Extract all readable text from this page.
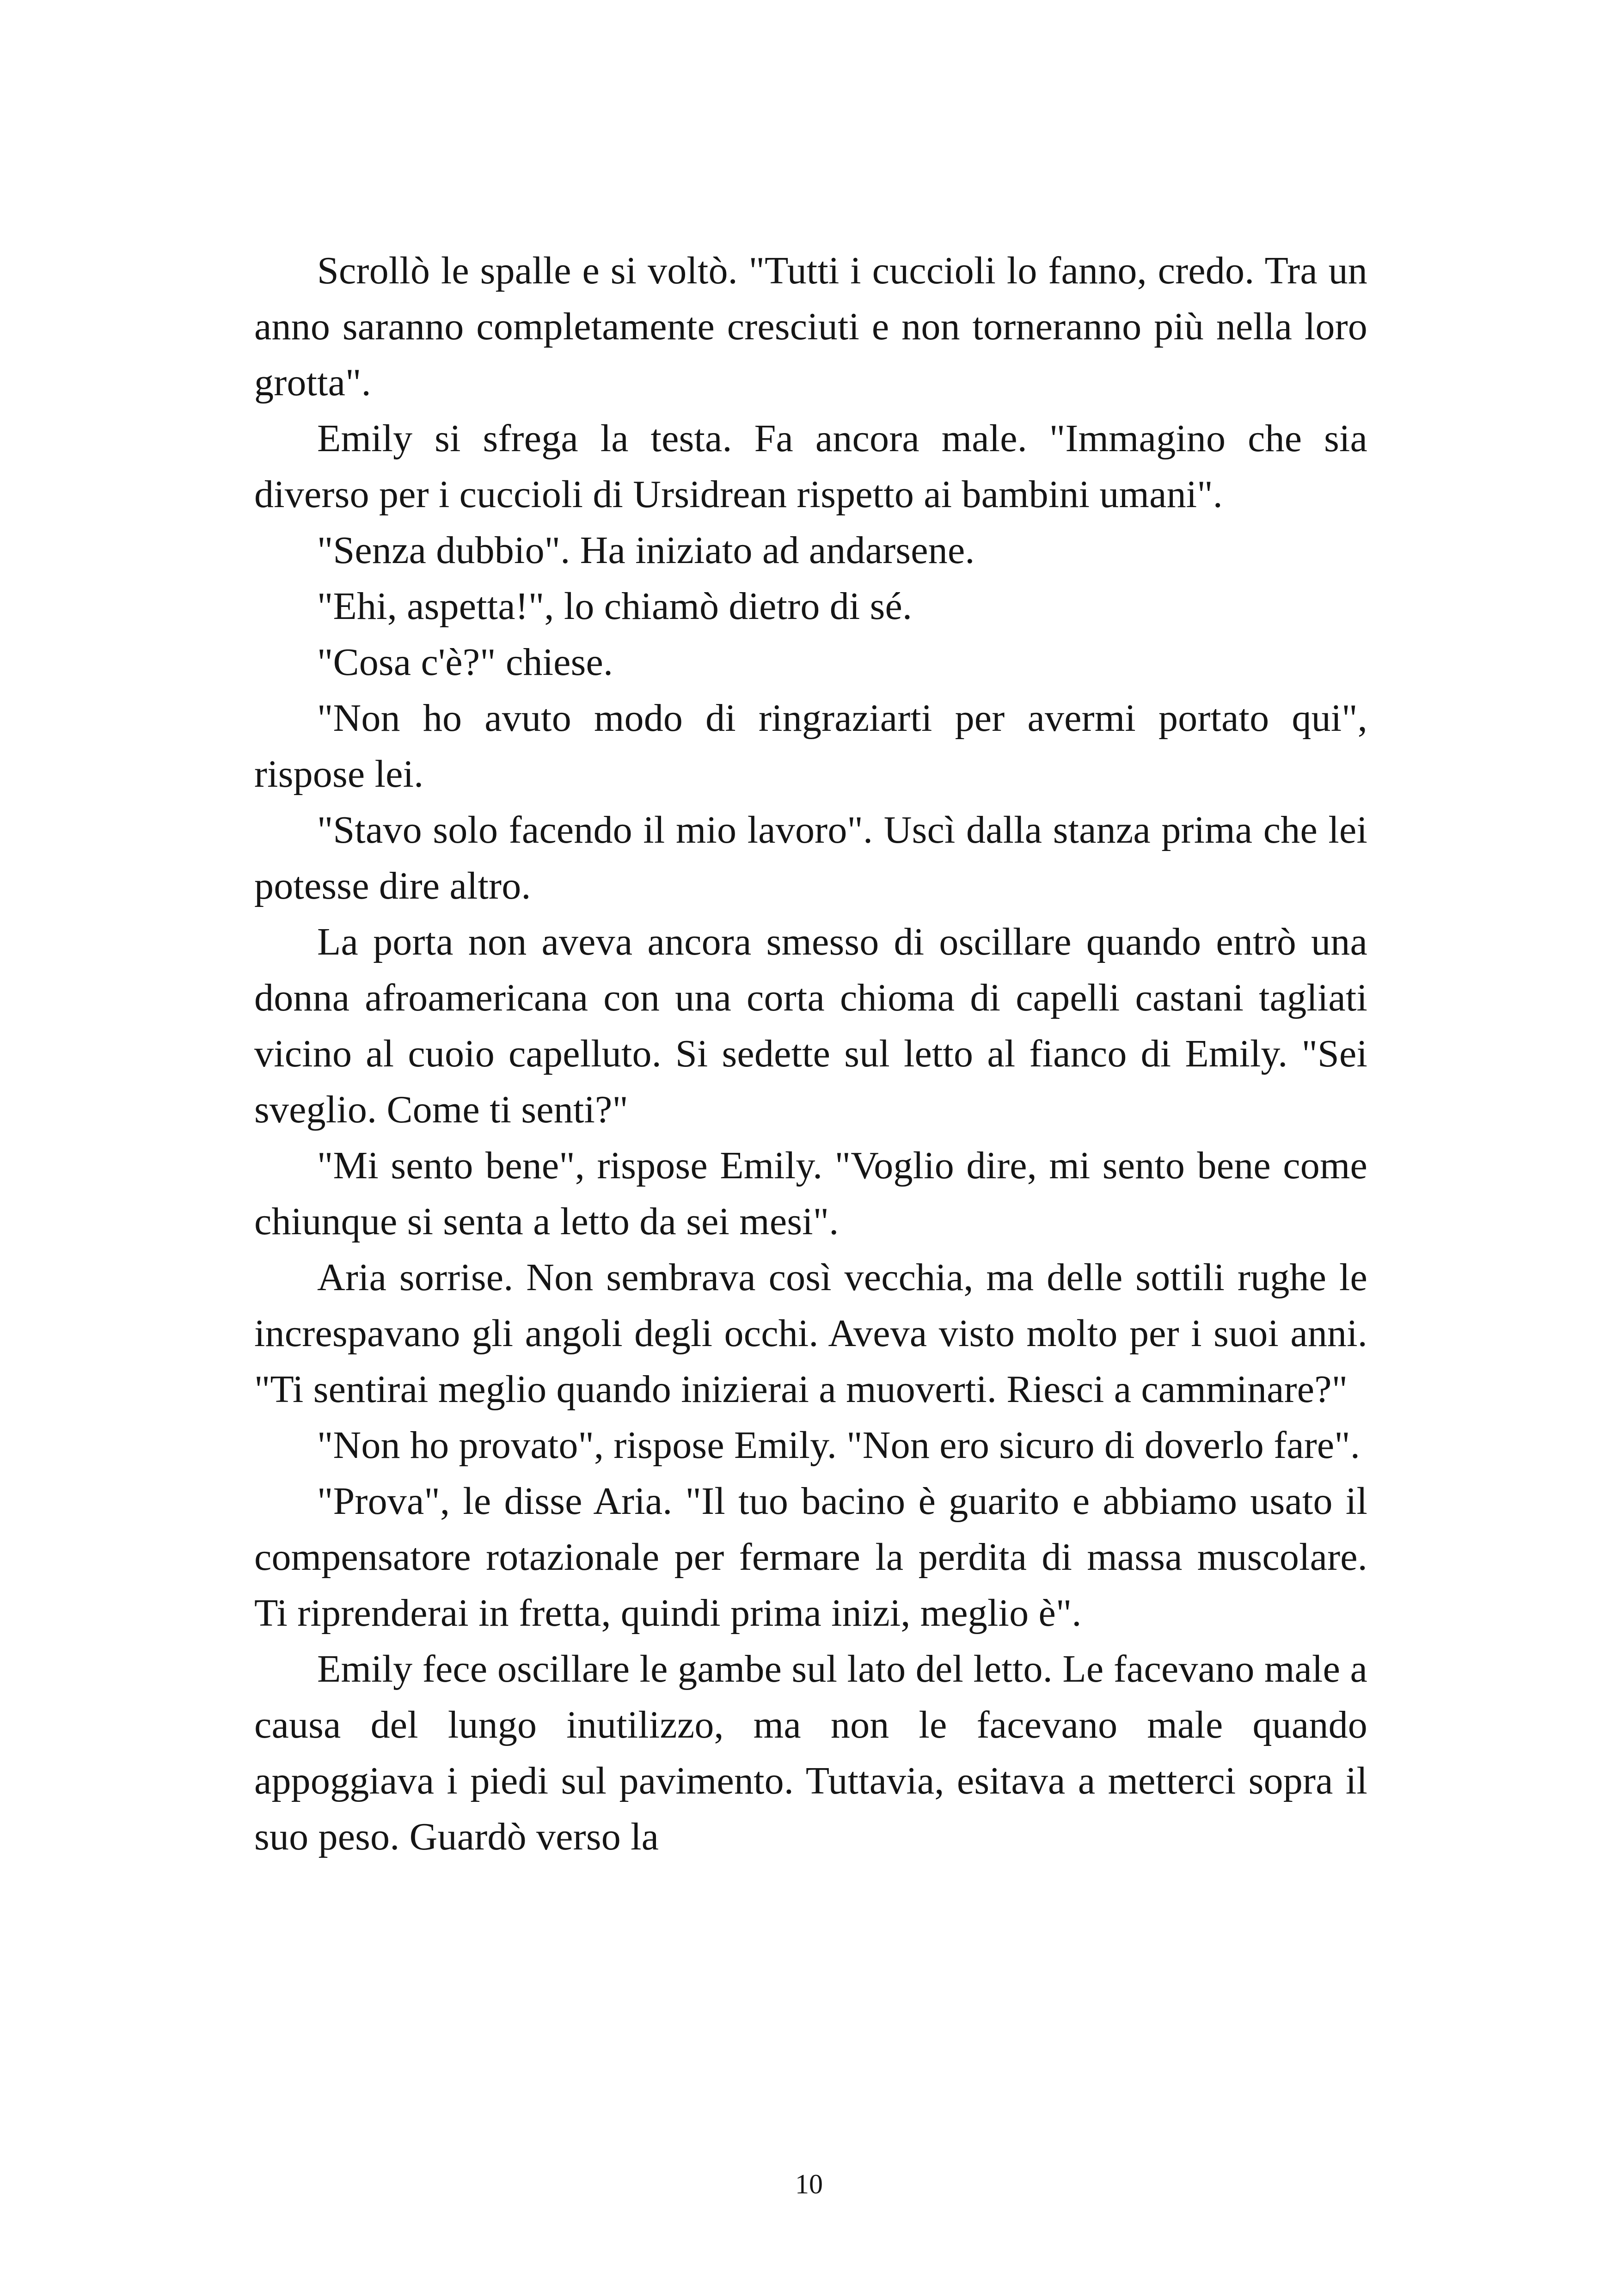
Scrollò le spalle e si voltò. "Tutti i cuccioli lo fanno, credo. Tra un anno saranno completamente cresciuti e non torneranno più nella loro grotta".

Emily si sfrega la testa. Fa ancora male. "Immagino che sia diverso per i cuccioli di Ursidrean rispetto ai bambini umani".

"Senza dubbio". Ha iniziato ad andarsene.

"Ehi, aspetta!", lo chiamò dietro di sé.

"Cosa c'è?" chiese.

"Non ho avuto modo di ringraziarti per avermi portato qui", rispose lei.

"Stavo solo facendo il mio lavoro". Uscì dalla stanza prima che lei potesse dire altro.

La porta non aveva ancora smesso di oscillare quando entrò una donna afroamericana con una corta chioma di capelli castani tagliati vicino al cuoio capelluto. Si sedette sul letto al fianco di Emily. "Sei sveglio. Come ti senti?"

"Mi sento bene", rispose Emily. "Voglio dire, mi sento bene come chiunque si senta a letto da sei mesi".

Aria sorrise. Non sembrava così vecchia, ma delle sottili rughe le increspavano gli angoli degli occhi. Aveva visto molto per i suoi anni. "Ti sentirai meglio quando inizierai a muoverti. Riesci a camminare?"

"Non ho provato", rispose Emily. "Non ero sicuro di doverlo fare".

"Prova", le disse Aria. "Il tuo bacino è guarito e abbiamo usato il compensatore rotazionale per fermare la perdita di massa muscolare. Ti riprenderai in fretta, quindi prima inizi, meglio è".

Emily fece oscillare le gambe sul lato del letto. Le facevano male a causa del lungo inutilizzo, ma non le facevano male quando appoggiava i piedi sul pavimento. Tuttavia, esitava a metterci sopra il suo peso. Guardò verso la

10
